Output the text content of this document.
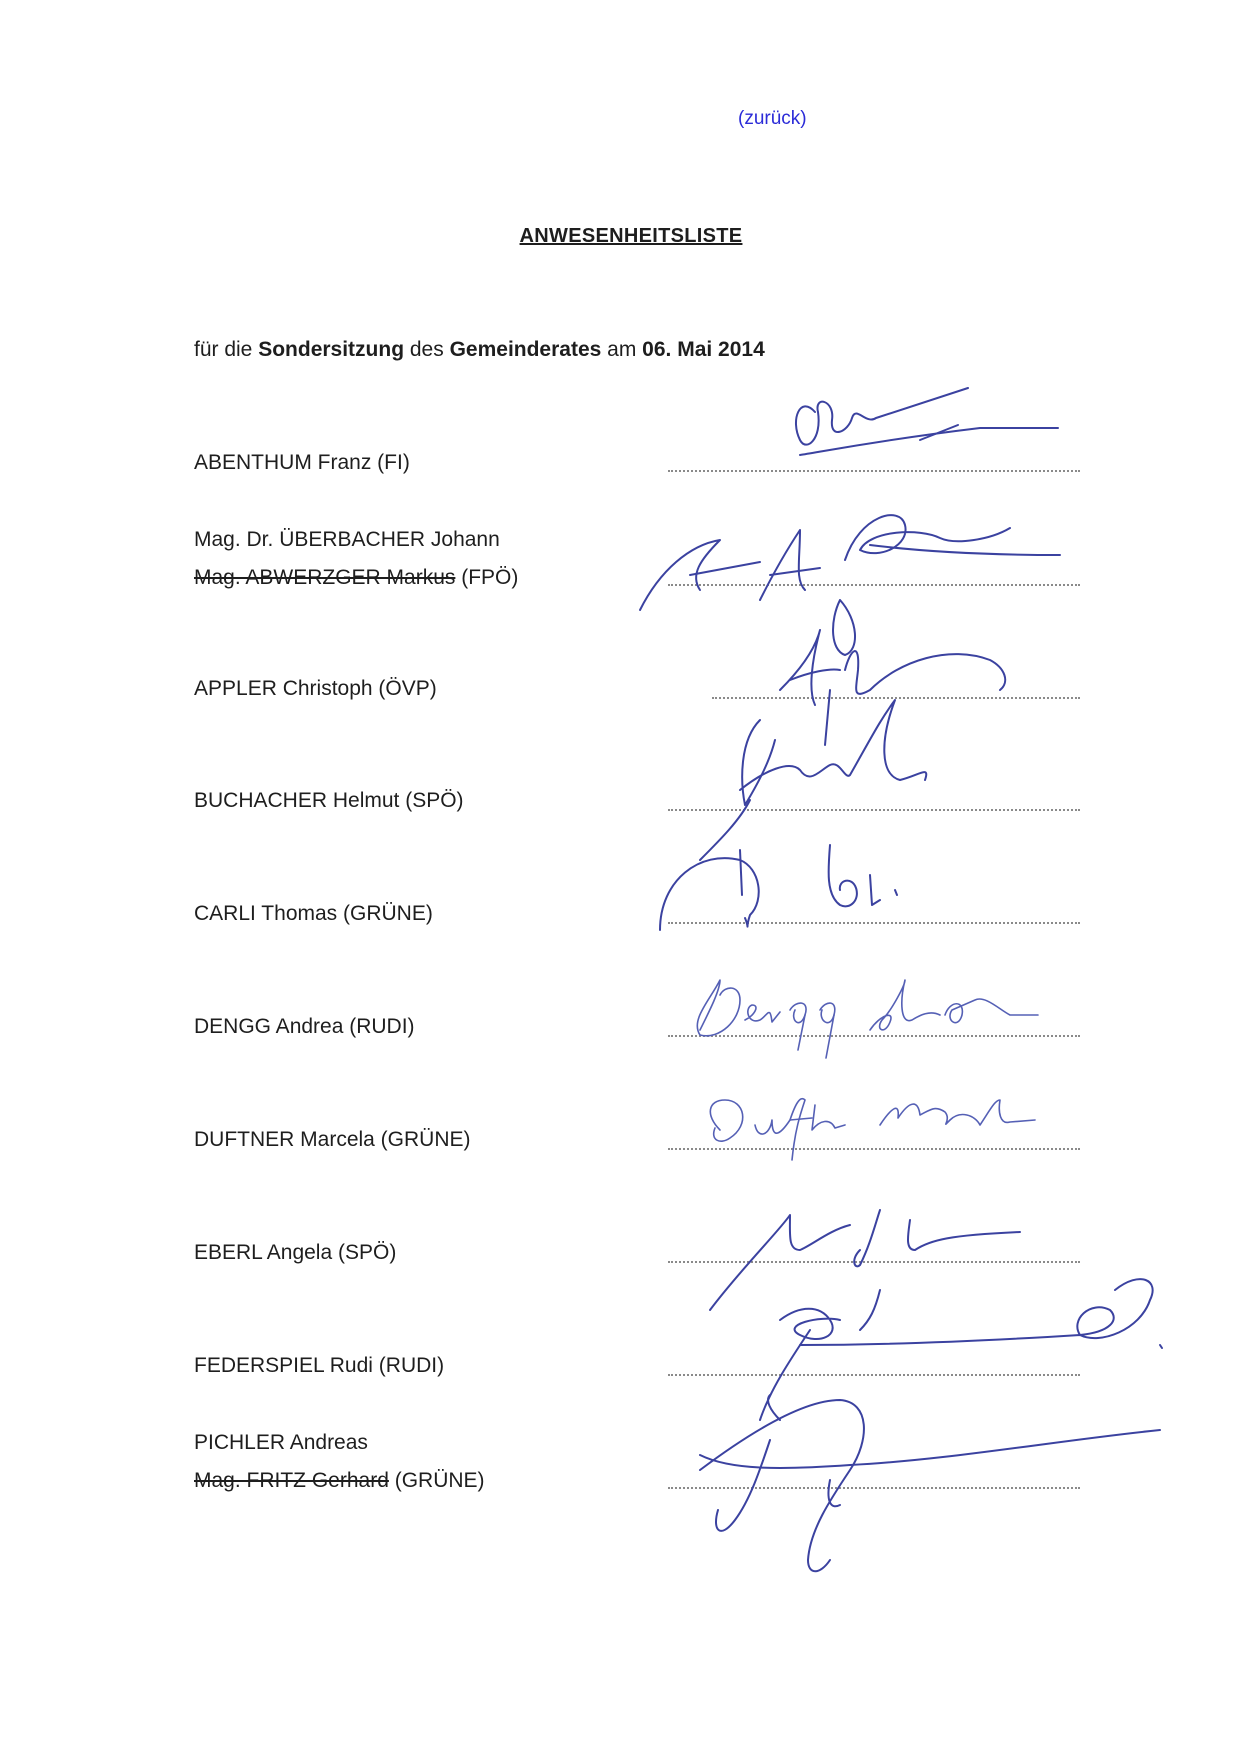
(zurück)
ANWESENHEITSLISTE
für die Sondersitzung des Gemeinderates am 06. Mai 2014
ABENTHUM Franz (FI)
Mag. Dr. ÜBERBACHER Johann
Mag. ABWERZGER Markus (FPÖ)
APPLER Christoph (ÖVP)
BUCHACHER Helmut (SPÖ)
CARLI Thomas (GRÜNE)
DENGG Andrea (RUDI)
DUFTNER Marcela (GRÜNE)
EBERL Angela (SPÖ)
FEDERSPIEL Rudi (RUDI)
PICHLER Andreas
Mag. FRITZ Gerhard (GRÜNE)
